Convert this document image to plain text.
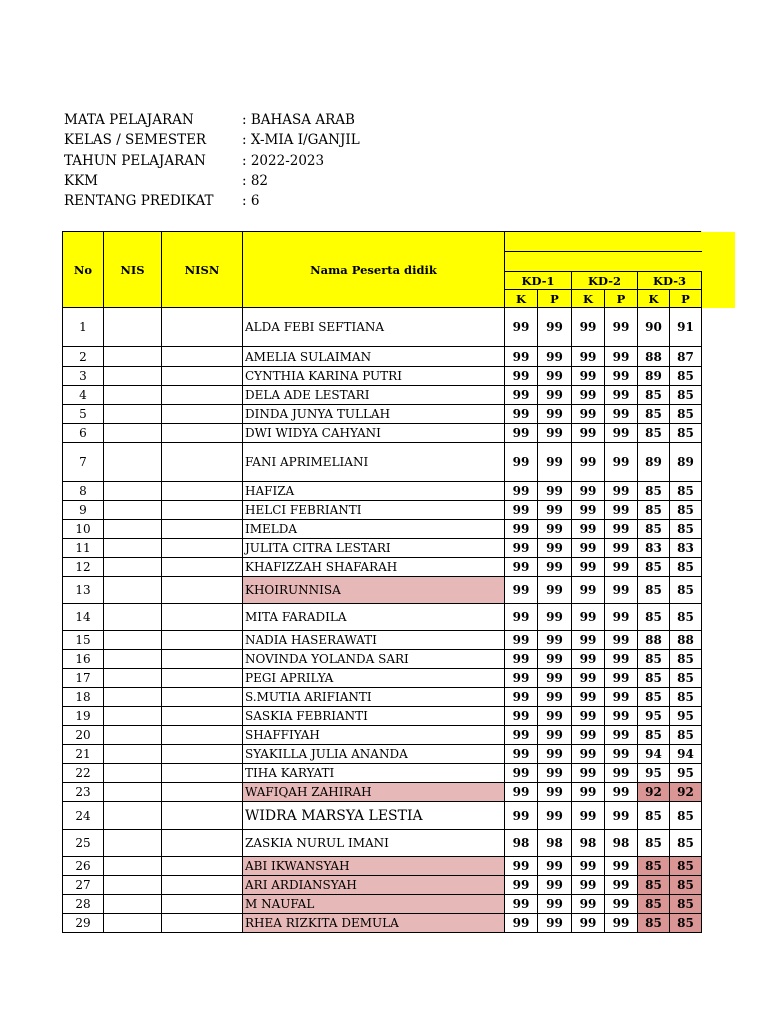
MATA PELAJARAN	: BAHASA ARAB
KELAS / SEMESTER	: X-MIA I/GANJIL
TAHUN PELAJARAN	: 2022-2023
KKM	: 82
RENTANG PREDIKAT	: 6
No	NIS	NISN	Nama Peserta didik						

				KD-1		KD-2		KD-3	
				K	P	K	P	K	P
1			ALDA FEBI SEFTIANA	99	99	99	99	90	91
2			AMELIA SULAIMAN	99	99	99	99	88	87
3			CYNTHIA KARINA PUTRI	99	99	99	99	89	85
4			DELA ADE LESTARI	99	99	99	99	85	85
5			DINDA JUNYA TULLAH	99	99	99	99	85	85
6			DWI WIDYA CAHYANI	99	99	99	99	85	85
7			FANI APRIMELIANI	99	99	99	99	89	89
8			HAFIZA	99	99	99	99	85	85
9			HELCI FEBRIANTI	99	99	99	99	85	85
10			IMELDA	99	99	99	99	85	85
11			JULITA CITRA LESTARI	99	99	99	99	83	83
12			KHAFIZZAH SHAFARAH	99	99	99	99	85	85
13			KHOIRUNNISA	99	99	99	99	85	85
14			MITA FARADILA	99	99	99	99	85	85
15			NADIA HASERAWATI	99	99	99	99	88	88
16			NOVINDA YOLANDA SARI	99	99	99	99	85	85
17			PEGI APRILYA	99	99	99	99	85	85
18			S.MUTIA ARIFIANTI	99	99	99	99	85	85
19			SASKIA FEBRIANTI	99	99	99	99	95	95
20			SHAFFIYAH	99	99	99	99	85	85
21			SYAKILLA JULIA ANANDA	99	99	99	99	94	94
22			TIHA KARYATI	99	99	99	99	95	95
23			WAFIQAH ZAHIRAH	99	99	99	99	92	92
24			WIDRA MARSYA LESTIA	99	99	99	99	85	85
25			ZASKIA NURUL IMANI	98	98	98	98	85	85
26			ABI IKWANSYAH	99	99	99	99	85	85
27			ARI ARDIANSYAH	99	99	99	99	85	85
28			M NAUFAL	99	99	99	99	85	85
29			RHEA RIZKITA DEMULA	99	99	99	99	85	85
